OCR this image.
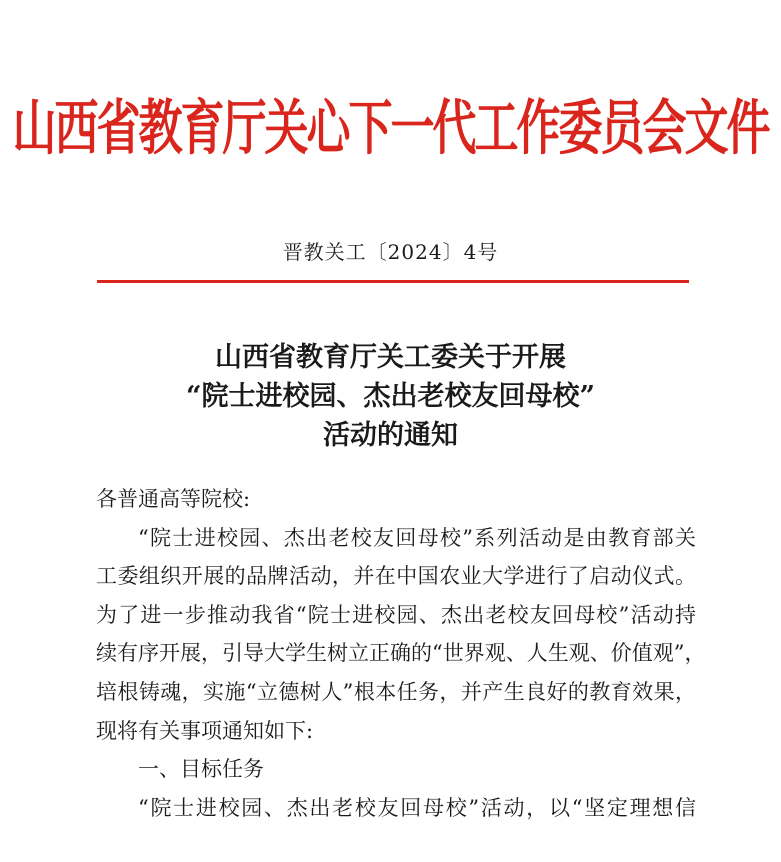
山西省教育厅关心下一代工作委员会文件
晋教关工〔2024〕4号
山西省教育厅关工委关于开展
“院士进校园、杰出老校友回母校”
活动的通知
各普通高等院校:
“院士进校园、杰出老校友回母校”系列活动是由教育部关
工委组织开展的品牌活动，并在中国农业大学进行了启动仪式。
为了进一步推动我省“院士进校园、杰出老校友回母校”活动持
续有序开展，引导大学生树立正确的“世界观、人生观、价值观”，
培根铸魂，实施“立德树人”根本任务，并产生良好的教育效果，
现将有关事项通知如下:
一、目标任务
“院士进校园、杰出老校友回母校”活动，以“坚定理想信
